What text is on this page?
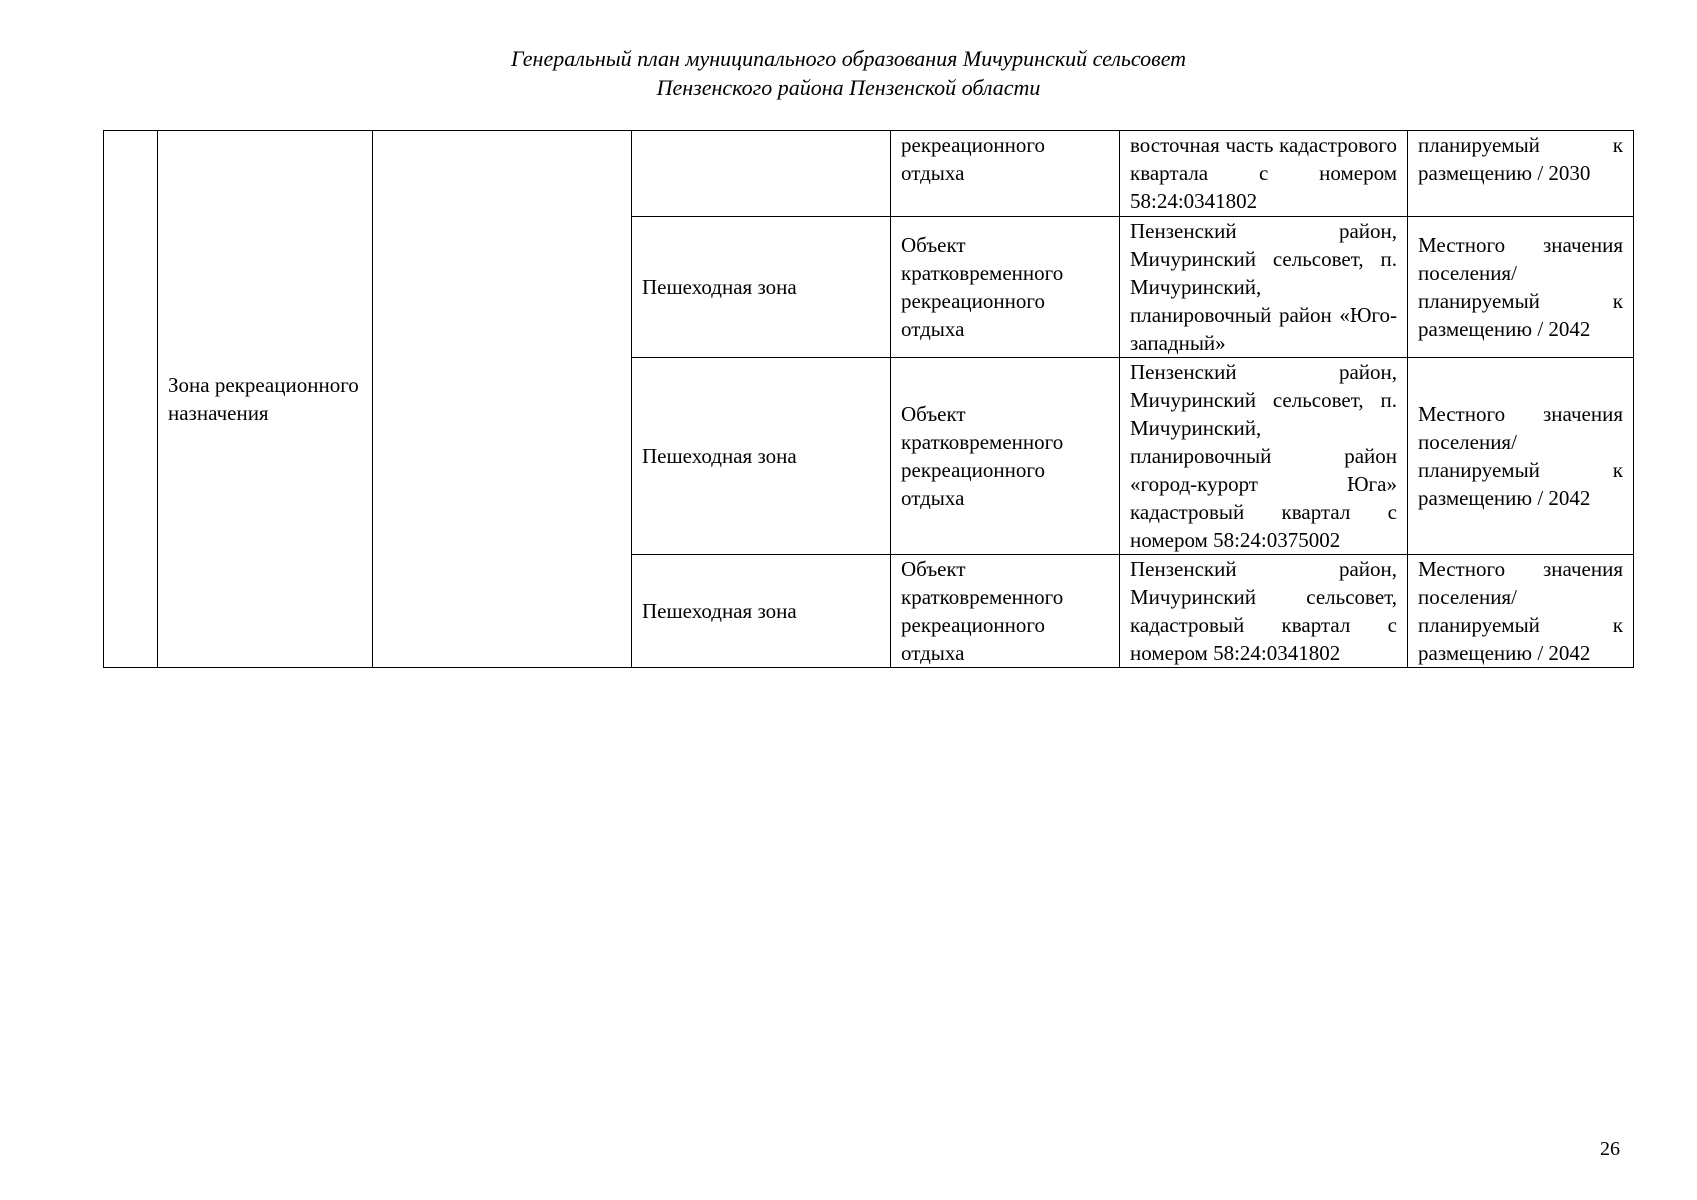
Генеральный план муниципального образования Мичуринский сельсовет
Пензенского района Пензенской области
	Зона рекреационного назначения			рекреационного отдыха	восточная часть кадастрового квартала с номером 58:24:0341802	планируемый к размещению / 2030
			Пешеходная зона	Объект кратковременного рекреационного отдыха	Пензенский район, Мичуринский сельсовет, п. Мичуринский, планировочный район «Юго-западный»	Местного значения поселения/ планируемый к размещению / 2042
			Пешеходная зона	Объект кратковременного рекреационного отдыха	Пензенский район, Мичуринский сельсовет, п. Мичуринский, планировочный район «город-курорт Юга» кадастровый квартал с номером 58:24:0375002	Местного значения поселения/ планируемый к размещению / 2042
			Пешеходная зона	Объект кратковременного рекреационного отдыха	Пензенский район, Мичуринский сельсовет, кадастровый квартал с номером 58:24:0341802	Местного значения поселения/ планируемый к размещению / 2042
26
